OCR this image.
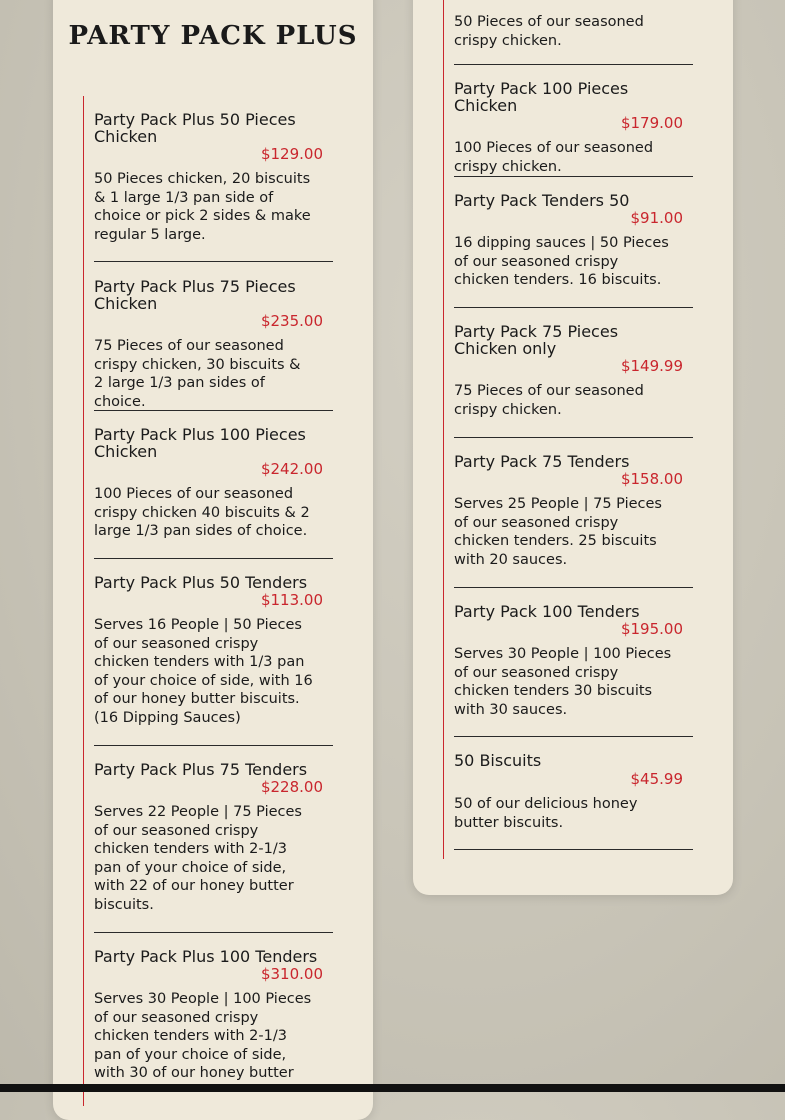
PARTY PACK PLUS
Party Pack Plus 50 Pieces Chicken
$129.00
50 Pieces chicken, 20 biscuits & 1 large 1/3 pan side of choice or pick 2 sides & make regular 5 large.
Party Pack Plus 75 Pieces Chicken
$235.00
75 Pieces of our seasoned crispy chicken, 30 biscuits & 2 large 1/3 pan sides of choice.
Party Pack Plus 100 Pieces Chicken
$242.00
100 Pieces of our seasoned crispy chicken 40 biscuits & 2 large 1/3 pan sides of choice.
Party Pack Plus 50 Tenders
$113.00
Serves 16 People | 50 Pieces of our seasoned crispy chicken tenders with 1/3 pan of your choice of side, with 16 of our honey butter biscuits. (16 Dipping Sauces)
Party Pack Plus 75 Tenders
$228.00
Serves 22 People | 75 Pieces of our seasoned crispy chicken tenders with 2-1/3 pan of your choice of side, with 22 of our honey butter biscuits.
Party Pack Plus 100 Tenders
$310.00
Serves 30 People | 100 Pieces of our seasoned crispy chicken tenders with 2-1/3 pan of your choice of side, with 30 of our honey butter
50 Pieces of our seasoned crispy chicken.
Party Pack 100 Pieces Chicken
$179.00
100 Pieces of our seasoned crispy chicken.
Party Pack Tenders 50
$91.00
16 dipping sauces | 50 Pieces of our seasoned crispy chicken tenders. 16 biscuits.
Party Pack 75 Pieces Chicken only
$149.99
75 Pieces of our seasoned crispy chicken.
Party Pack 75 Tenders
$158.00
Serves 25 People | 75 Pieces of our seasoned crispy chicken tenders. 25 biscuits with 20 sauces.
Party Pack 100 Tenders
$195.00
Serves 30 People | 100 Pieces of our seasoned crispy chicken tenders 30 biscuits with 30 sauces.
50 Biscuits
$45.99
50 of our delicious honey butter biscuits.
